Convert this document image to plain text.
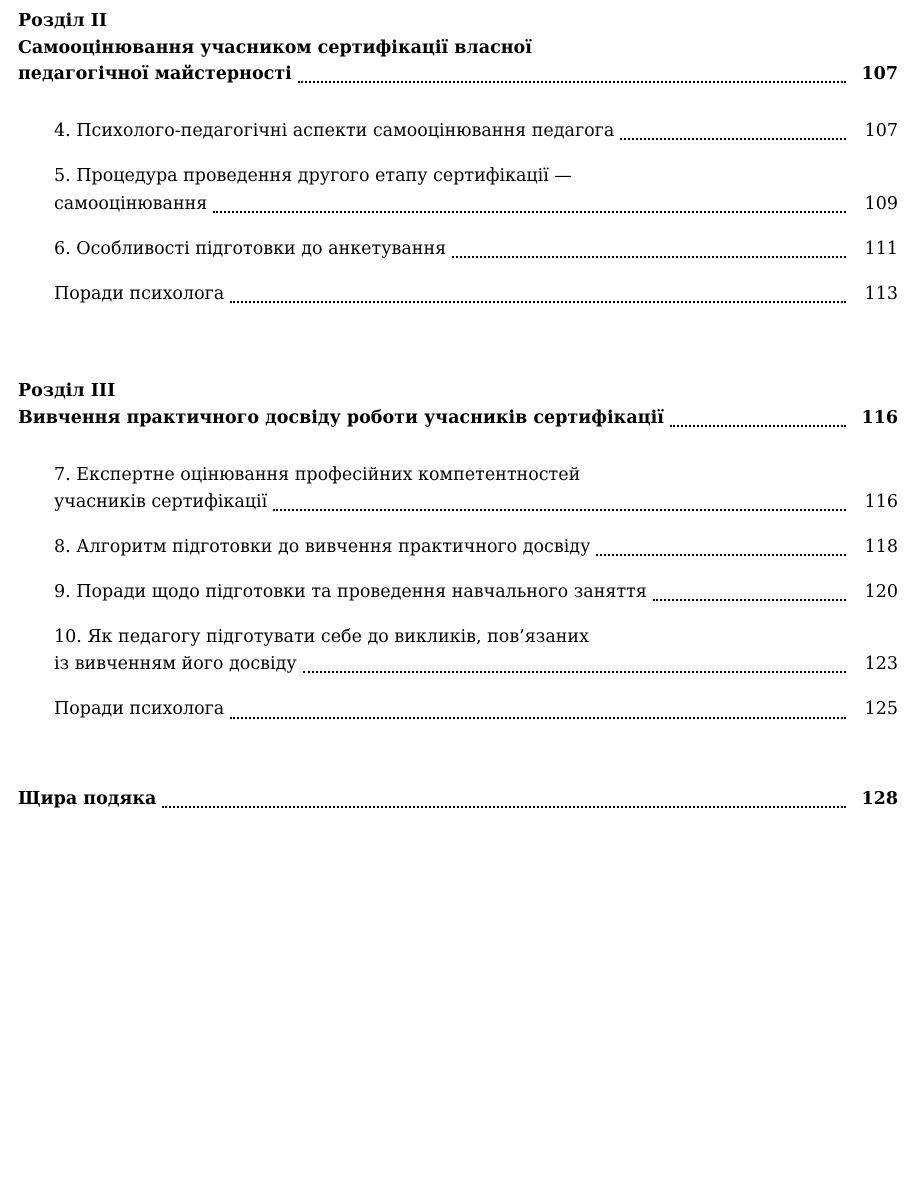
Розділ II
Самооцінювання учасником сертифікації власної
педагогічної майстерності	107
4. Психолого-педагогічні аспекти самооцінювання педагога	107
5. Процедура проведення другого етапу сертифікації —
самооцінювання	109
6. Особливості підготовки до анкетування	111
Поради психолога	113
Розділ III
Вивчення практичного досвіду роботи учасників сертифікації	116
7. Експертне оцінювання професійних компетентностей
учасників сертифікації	116
8. Алгоритм підготовки до вивчення практичного досвіду	118
9. Поради щодо підготовки та проведення навчального заняття	120
10. Як педагогу підготувати себе до викликів, пов’язаних
із вивченням його досвіду	123
Поради психолога	125
Щира подяка	128
